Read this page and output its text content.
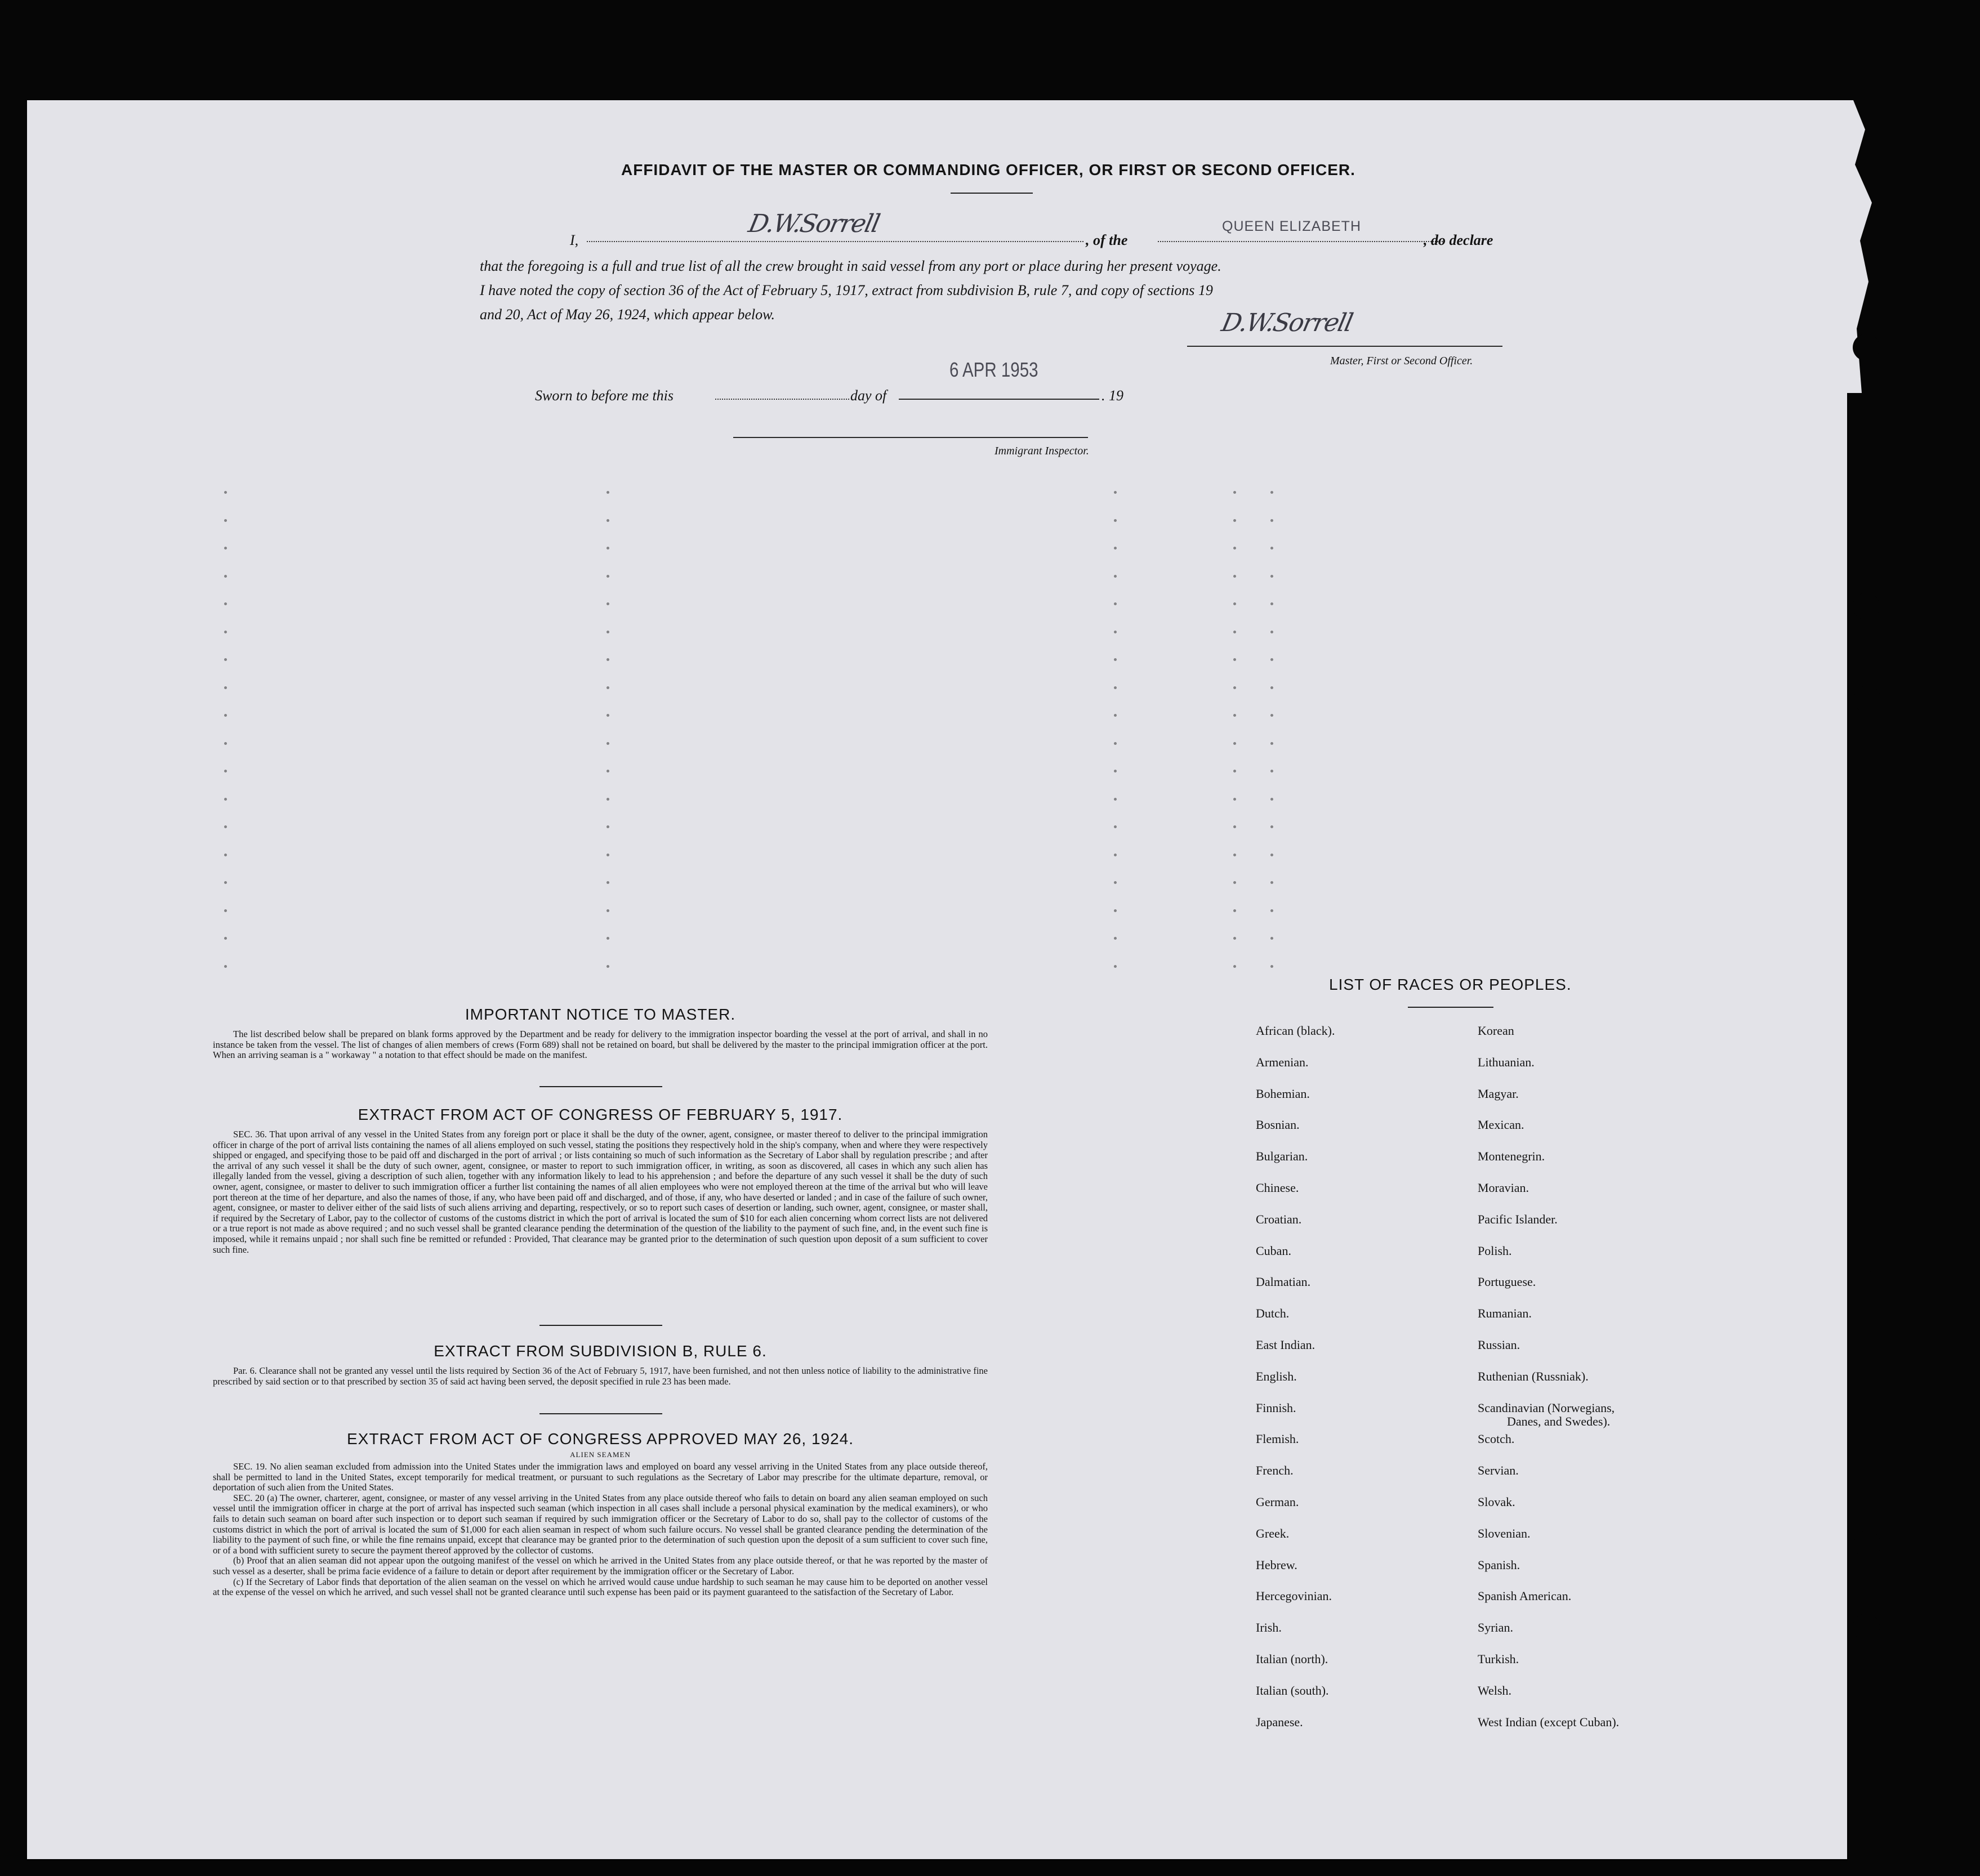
AFFIDAVIT OF THE MASTER OR COMMANDING OFFICER, OR FIRST OR SECOND OFFICER.
I,
D.W.Sorrell
, of the
QUEEN ELIZABETH
, do declare
that the foregoing is a full and true list of all the crew brought in said vessel from any port or place during her present voyage.
I have noted the copy of section 36 of the Act of February 5, 1917, extract from subdivision B, rule 7, and copy of sections 19
and 20, Act of May 26, 1924, which appear below.	D.W.Sorrell
Master, First or Second Officer.
Sworn to before me this	day of
6 APR 1953
. 19
Immigrant Inspector.
IMPORTANT NOTICE TO MASTER.

The list described below shall be prepared on blank forms approved by the Department and be ready for delivery to the immigration inspector boarding the vessel at the port of arrival, and shall in no instance be taken from the vessel. The list of changes of alien members of crews (Form 689) shall not be retained on board, but shall be delivered by the master to the principal immigration officer at the port. When an arriving seaman is a " workaway " a notation to that effect should be made on the manifest.

EXTRACT FROM ACT OF CONGRESS OF FEBRUARY 5, 1917.

SEC. 36. That upon arrival of any vessel in the United States from any foreign port or place it shall be the duty of the owner, agent, consignee, or master thereof to deliver to the principal immigration officer in charge of the port of arrival lists containing the names of all aliens employed on such vessel, stating the positions they respectively hold in the ship's company, when and where they were respectively shipped or engaged, and specifying those to be paid off and discharged in the port of arrival ; or lists containing so much of such information as the Secretary of Labor shall by regulation prescribe ; and after the arrival of any such vessel it shall be the duty of such owner, agent, consignee, or master to report to such immigration officer, in writing, as soon as discovered, all cases in which any such alien has illegally landed from the vessel, giving a description of such alien, together with any information likely to lead to his apprehension ; and before the departure of any such vessel it shall be the duty of such owner, agent, consignee, or master to deliver to such immigration officer a further list containing the names of all alien employees who were not employed thereon at the time of the arrival but who will leave port thereon at the time of her departure, and also the names of those, if any, who have been paid off and discharged, and of those, if any, who have deserted or landed ; and in case of the failure of such owner, agent, consignee, or master to deliver either of the said lists of such aliens arriving and departing, respectively, or so to report such cases of desertion or landing, such owner, agent, consignee, or master shall, if required by the Secretary of Labor, pay to the collector of customs of the customs district in which the port of arrival is located the sum of $10 for each alien concerning whom correct lists are not delivered or a true report is not made as above required ; and no such vessel shall be granted clearance pending the determination of the question of the liability to the payment of such fine, and, in the event such fine is imposed, while it remains unpaid ; nor shall such fine be remitted or refunded : Provided, That clearance may be granted prior to the determination of such question upon deposit of a sum sufficient to cover such fine.

EXTRACT FROM SUBDIVISION B, RULE 6.

Par. 6. Clearance shall not be granted any vessel until the lists required by Section 36 of the Act of February 5, 1917, have been furnished, and not then unless notice of liability to the administrative fine prescribed by said section or to that prescribed by section 35 of said act having been served, the deposit specified in rule 23 has been made.

EXTRACT FROM ACT OF CONGRESS APPROVED MAY 26, 1924.
ALIEN SEAMEN

SEC. 19. No alien seaman excluded from admission into the United States under the immigration laws and employed on board any vessel arriving in the United States from any place outside thereof, shall be permitted to land in the United States, except temporarily for medical treatment, or pursuant to such regulations as the Secretary of Labor may prescribe for the ultimate departure, removal, or deportation of such alien from the United States.

SEC. 20 (a) The owner, charterer, agent, consignee, or master of any vessel arriving in the United States from any place outside thereof who fails to detain on board any alien seaman employed on such vessel until the immigration officer in charge at the port of arrival has inspected such seaman (which inspection in all cases shall include a personal physical examination by the medical examiners), or who fails to detain such seaman on board after such inspection or to deport such seaman if required by such immigration officer or the Secretary of Labor to do so, shall pay to the collector of customs of the customs district in which the port of arrival is located the sum of $1,000 for each alien seaman in respect of whom such failure occurs. No vessel shall be granted clearance pending the determination of the liability to the payment of such fine, or while the fine remains unpaid, except that clearance may be granted prior to the determination of such question upon the deposit of a sum sufficient to cover such fine, or of a bond with sufficient surety to secure the payment thereof approved by the collector of customs.

(b) Proof that an alien seaman did not appear upon the outgoing manifest of the vessel on which he arrived in the United States from any place outside thereof, or that he was reported by the master of such vessel as a deserter, shall be prima facie evidence of a failure to detain or deport after requirement by the immigration officer or the Secretary of Labor.

(c) If the Secretary of Labor finds that deportation of the alien seaman on the vessel on which he arrived would cause undue hardship to such seaman he may cause him to be deported on another vessel at the expense of the vessel on which he arrived, and such vessel shall not be granted clearance until such expense has been paid or its payment guaranteed to the satisfaction of the Secretary of Labor.

LIST OF RACES OR PEOPLES.
African (black).
Armenian.
Bohemian.
Bosnian.
Bulgarian.
Chinese.
Croatian.
Cuban.
Dalmatian.
Dutch.
East Indian.
English.
Finnish.
Flemish.
French.
German.
Greek.
Hebrew.
Hercegovinian.
Irish.
Italian (north).
Italian (south).
Japanese.
Korean
Lithuanian.
Magyar.
Mexican.
Montenegrin.
Moravian.
Pacific Islander.
Polish.
Portuguese.
Rumanian.
Russian.
Ruthenian (Russniak).
Scandinavian (Norwegians,
Scotch.
Servian.
Slovak.
Slovenian.
Spanish.
Spanish American.
Syrian.
Turkish.
Welsh.
West Indian (except Cuban).
Danes, and Swedes).
